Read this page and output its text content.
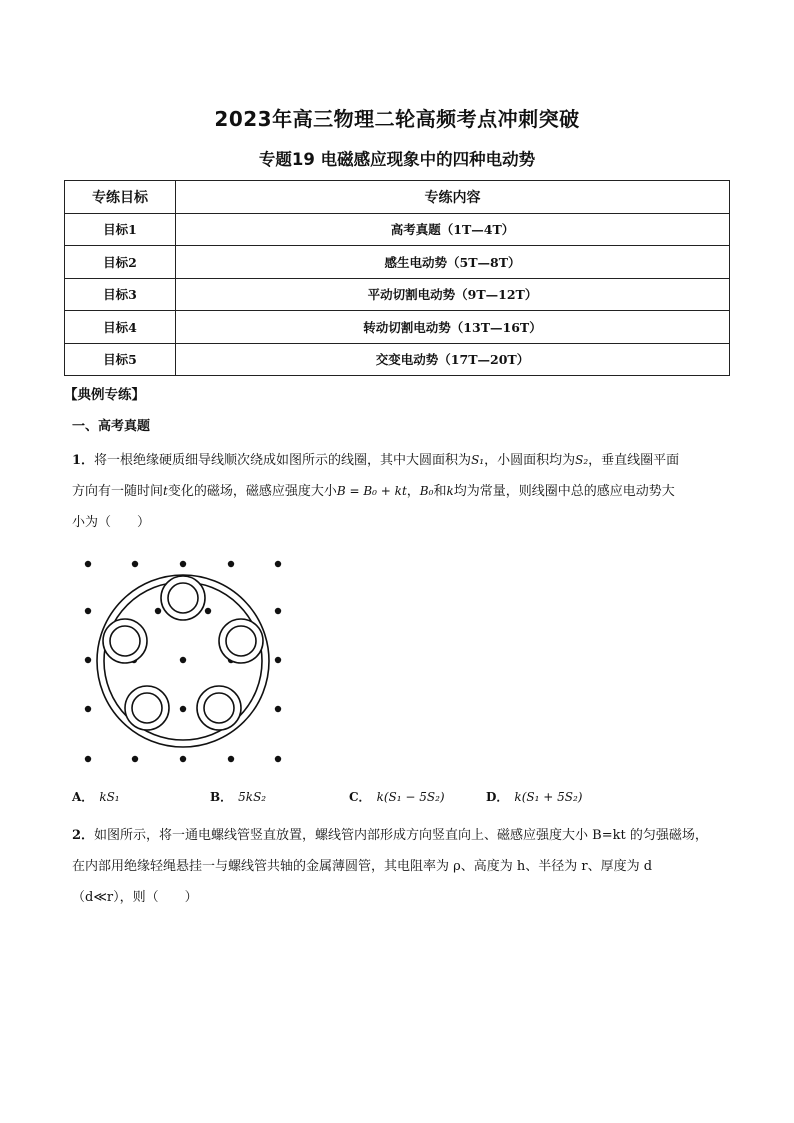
2023年高三物理二轮高频考点冲刺突破
专题19 电磁感应现象中的四种电动势
专练目标	专练内容
目标1	高考真题（1T—4T）
目标2	感生电动势（5T—8T）
目标3	平动切割电动势（9T—12T）
目标4	转动切割电动势（13T—16T）
目标5	交变电动势（17T—20T）
【典例专练】
一、高考真题
1．将一根绝缘硬质细导线顺次绕成如图所示的线圈，其中大圆面积为S₁，小圆面积均为S₂，垂直线圈平面
方向有一随时间t变化的磁场，磁感应强度大小B = B₀ + kt，B₀和k均为常量，则线圈中总的感应电动势大
小为（　　）
A． kS₁	B． 5kS₂	C． k(S₁ − 5S₂)	D． k(S₁ + 5S₂)
2．如图所示，将一通电螺线管竖直放置，螺线管内部形成方向竖直向上、磁感应强度大小 B=kt 的匀强磁场，
在内部用绝缘轻绳悬挂一与螺线管共轴的金属薄圆管，其电阻率为 ρ、高度为 h、半径为 r、厚度为 d
（d≪r），则（　　）
